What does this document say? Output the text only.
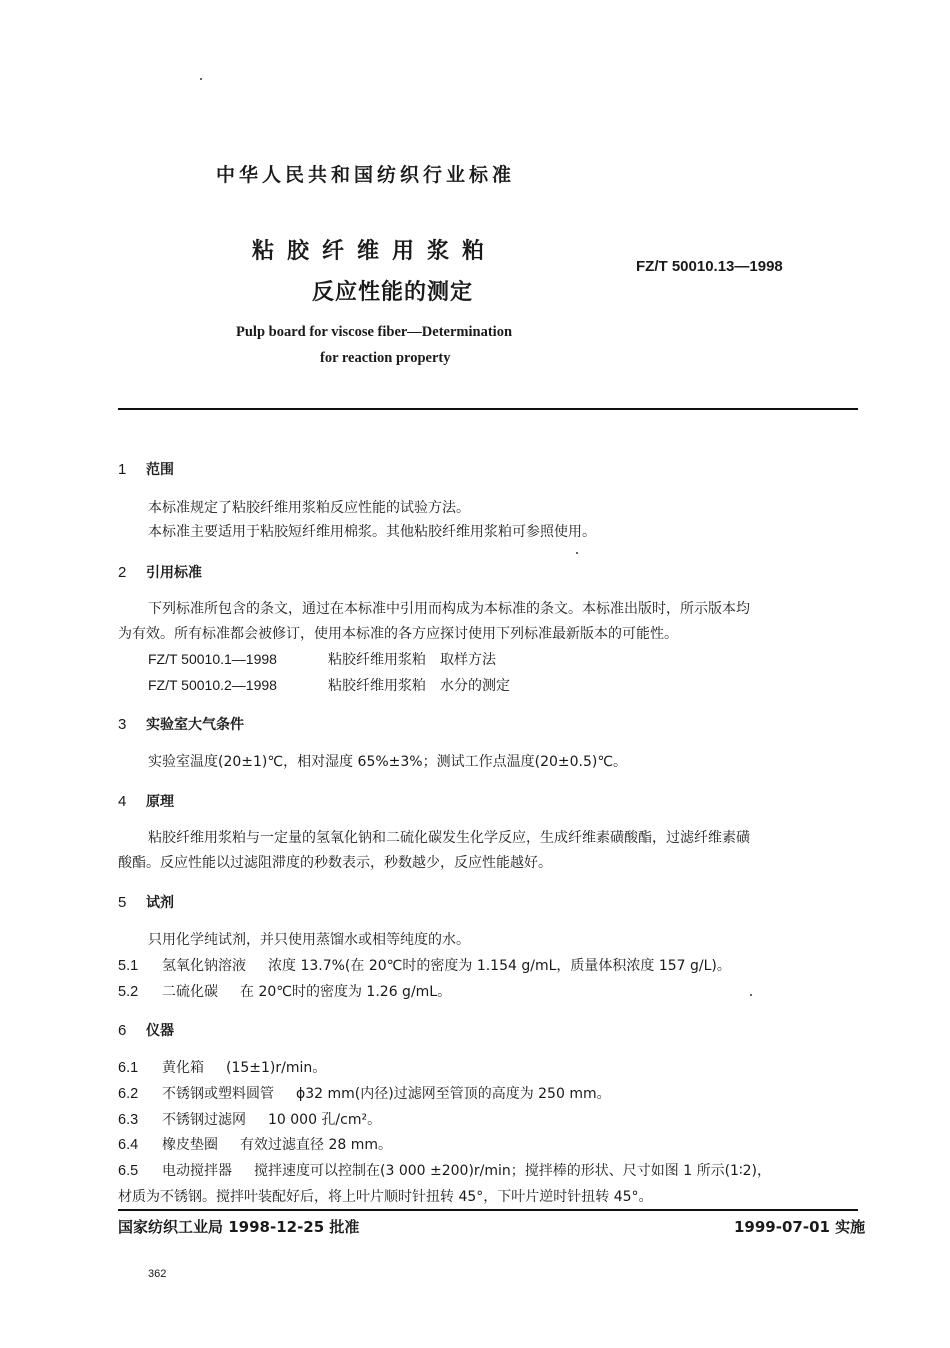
中华人民共和国纺织行业标准
粘胶纤维用浆粕
反应性能的测定
FZ/T 50010.13—1998
Pulp board for viscose fiber—Determination
for reaction property
1 范围
本标准规定了粘胶纤维用浆粕反应性能的试验方法。
本标准主要适用于粘胶短纤维用棉浆。其他粘胶纤维用浆粕可参照使用。
2 引用标准
下列标准所包含的条文，通过在本标准中引用而构成为本标准的条文。本标准出版时，所示版本均
为有效。所有标准都会被修订，使用本标准的各方应探讨使用下列标准最新版本的可能性。
FZ/T 50010.1—1998	粘胶纤维用浆粕　取样方法
FZ/T 50010.2—1998	粘胶纤维用浆粕　水分的测定
3 实验室大气条件
实验室温度(20±1)℃，相对湿度 65%±3%；测试工作点温度(20±0.5)℃。
4 原理
粘胶纤维用浆粕与一定量的氢氧化钠和二硫化碳发生化学反应，生成纤维素磺酸酯，过滤纤维素磺
酸酯。反应性能以过滤阻滞度的秒数表示，秒数越少，反应性能越好。
5 试剂
只用化学纯试剂，并只使用蒸馏水或相等纯度的水。
5.1 氢氧化钠溶液 浓度 13.7%(在 20℃时的密度为 1.154 g/mL，质量体积浓度 157 g/L)。
5.2 二硫化碳 在 20℃时的密度为 1.26 g/mL。
6 仪器
6.1 黄化箱 (15±1)r/min。
6.2 不锈钢或塑料圆管 ϕ32 mm(内径)过滤网至管顶的高度为 250 mm。
6.3 不锈钢过滤网 10 000 孔/cm²。
6.4 橡皮垫圈 有效过滤直径 28 mm。
6.5 电动搅拌器 搅拌速度可以控制在(3 000 ±200)r/min；搅拌棒的形状、尺寸如图 1 所示(1∶2)，
材质为不锈钢。搅拌叶装配好后，将上叶片顺时针扭转 45°，下叶片逆时针扭转 45°。
国家纺织工业局 1998-12-25 批准	1999-07-01 实施
362
